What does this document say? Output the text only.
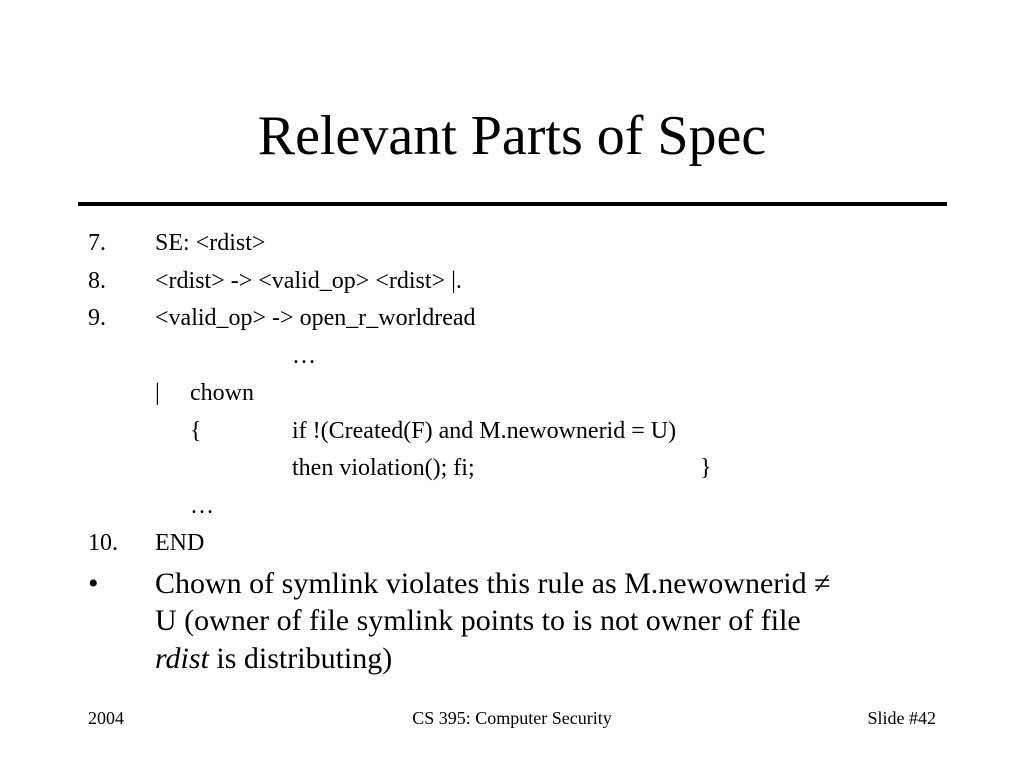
Relevant Parts of Spec
7. SE: <rdist>
8. <rdist> -> <valid_op> <rdist> |.
9. <valid_op> -> open_r_worldread
…
| chown
{	if !(Created(F) and M.newownerid = U)
then violation(); fi;	}
…
10. END
• Chown of symlink violates this rule as M.newownerid ≠
U (owner of file symlink points to is not owner of file
rdist is distributing)
2004	CS 395: Computer Security	Slide #42
